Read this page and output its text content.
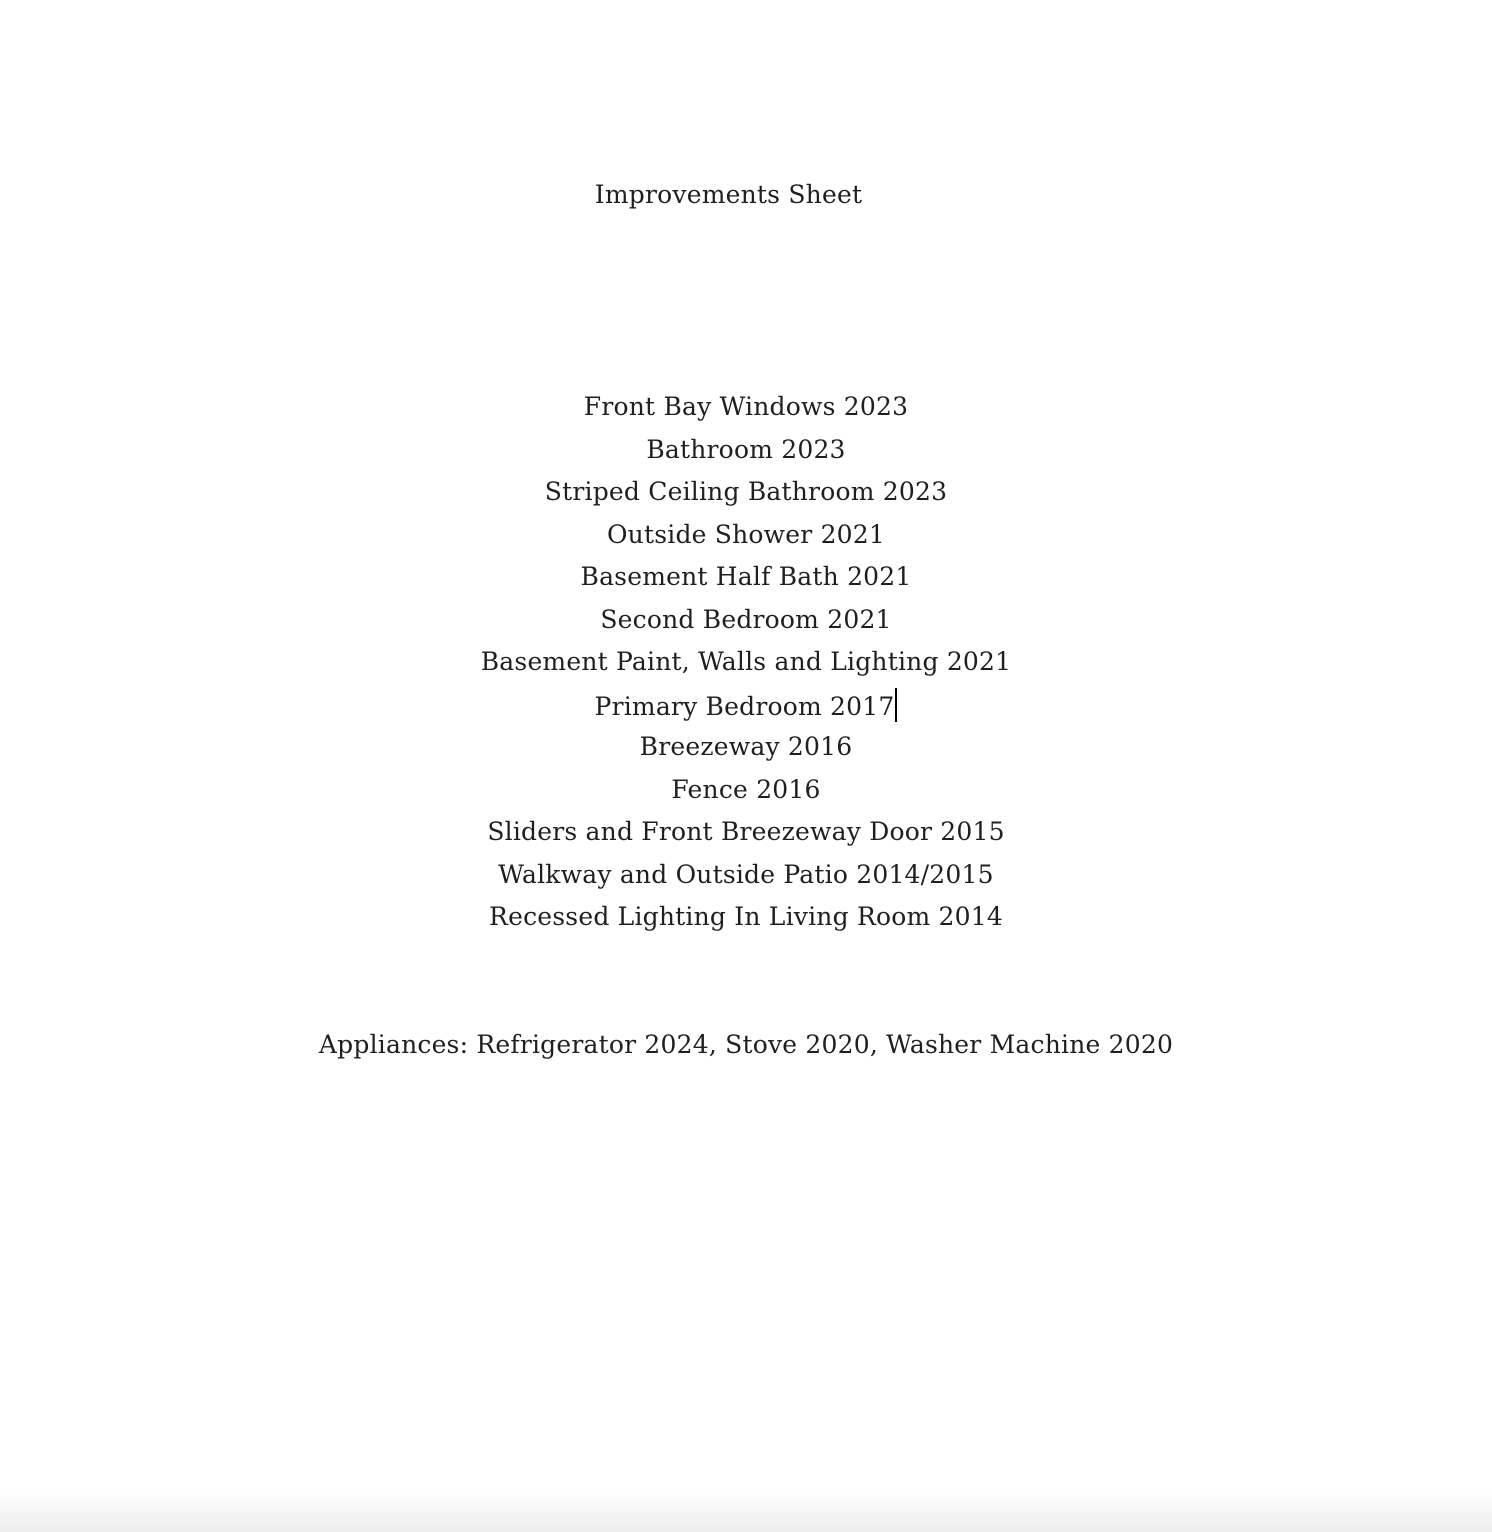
Improvements Sheet
Front Bay Windows 2023
Bathroom 2023
Striped Ceiling Bathroom 2023
Outside Shower 2021
Basement Half Bath 2021
Second Bedroom 2021
Basement Paint, Walls and Lighting 2021
Primary Bedroom 2017
Breezeway 2016
Fence 2016
Sliders and Front Breezeway Door 2015
Walkway and Outside Patio 2014/2015
Recessed Lighting In Living Room 2014
Appliances: Refrigerator 2024, Stove 2020, Washer Machine 2020
